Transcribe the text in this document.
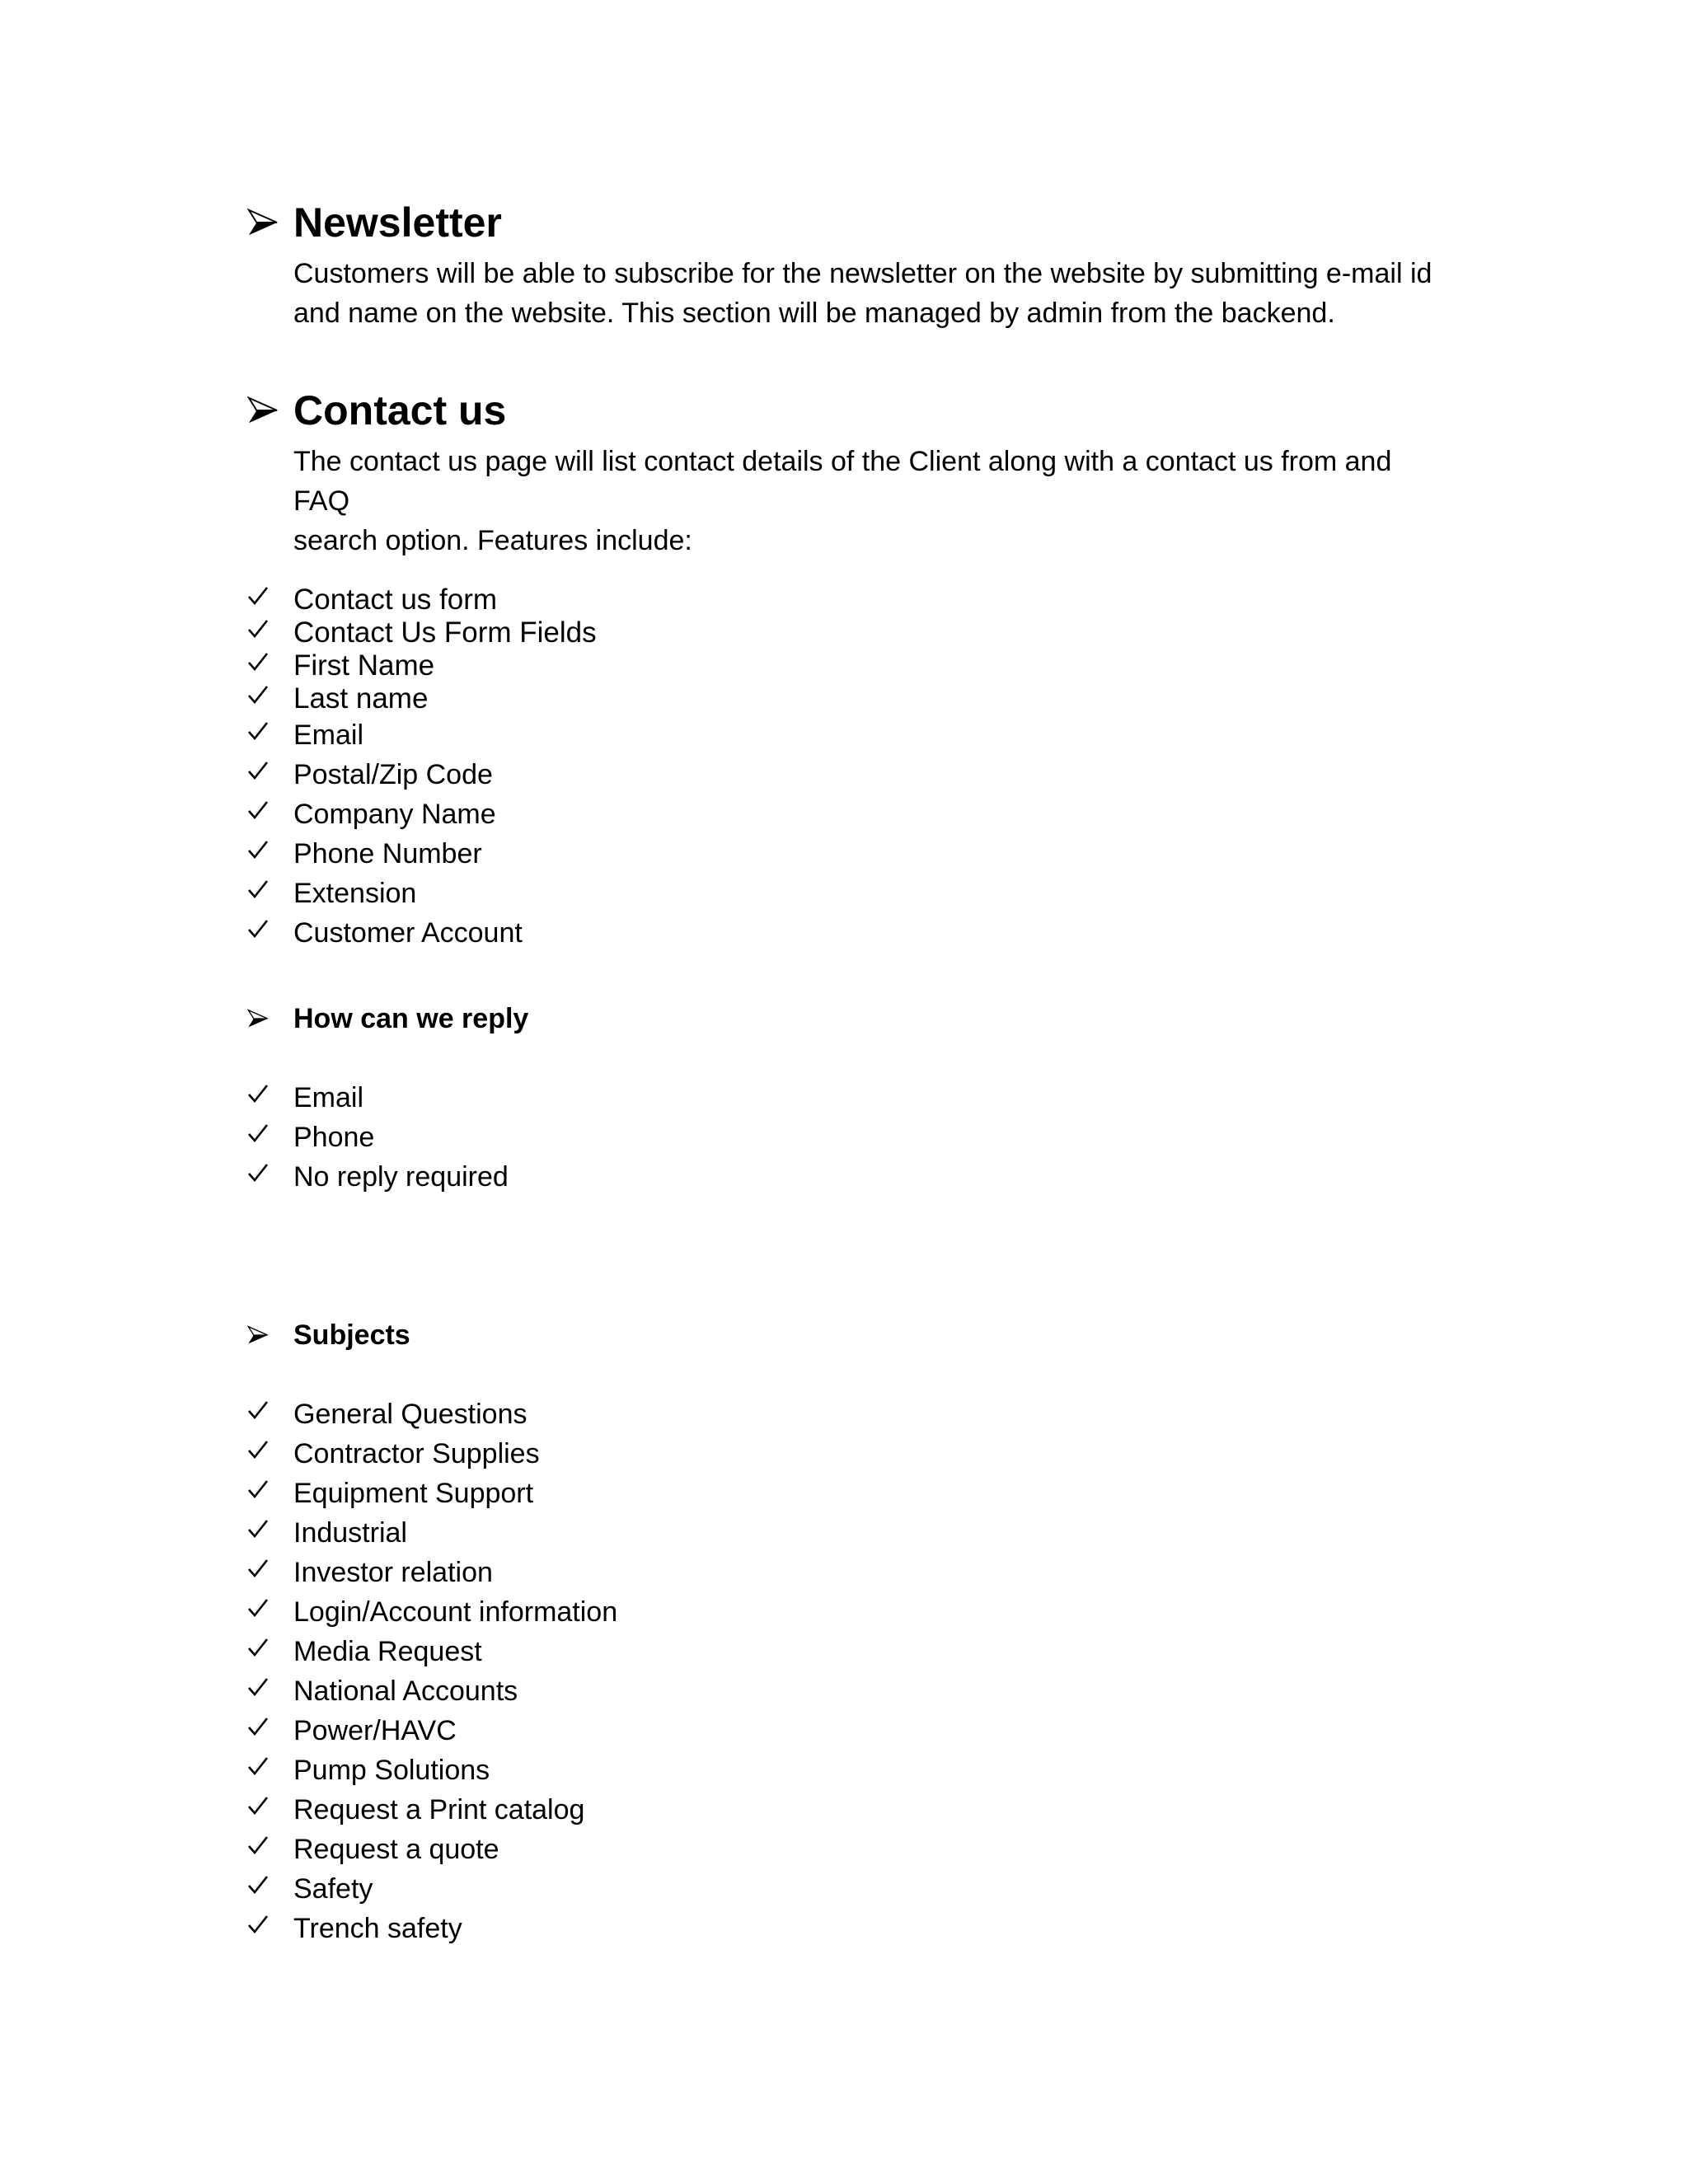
Newsletter
Customers will be able to subscribe for the newsletter on the website by submitting e-mail id
and name on the website. This section will be managed by admin from the backend.
Contact us
The contact us page will list contact details of the Client along with a contact us from and FAQ
search option. Features include:
Contact us form
Contact Us Form Fields
First Name
Last name
Email
Postal/Zip Code
Company Name
Phone Number
Extension
Customer Account
How can we reply
Email
Phone
No reply required
Subjects
General Questions
Contractor Supplies
Equipment Support
Industrial
Investor relation
Login/Account information
Media Request
National Accounts
Power/HAVC
Pump Solutions
Request a Print catalog
Request a quote
Safety
Trench safety
